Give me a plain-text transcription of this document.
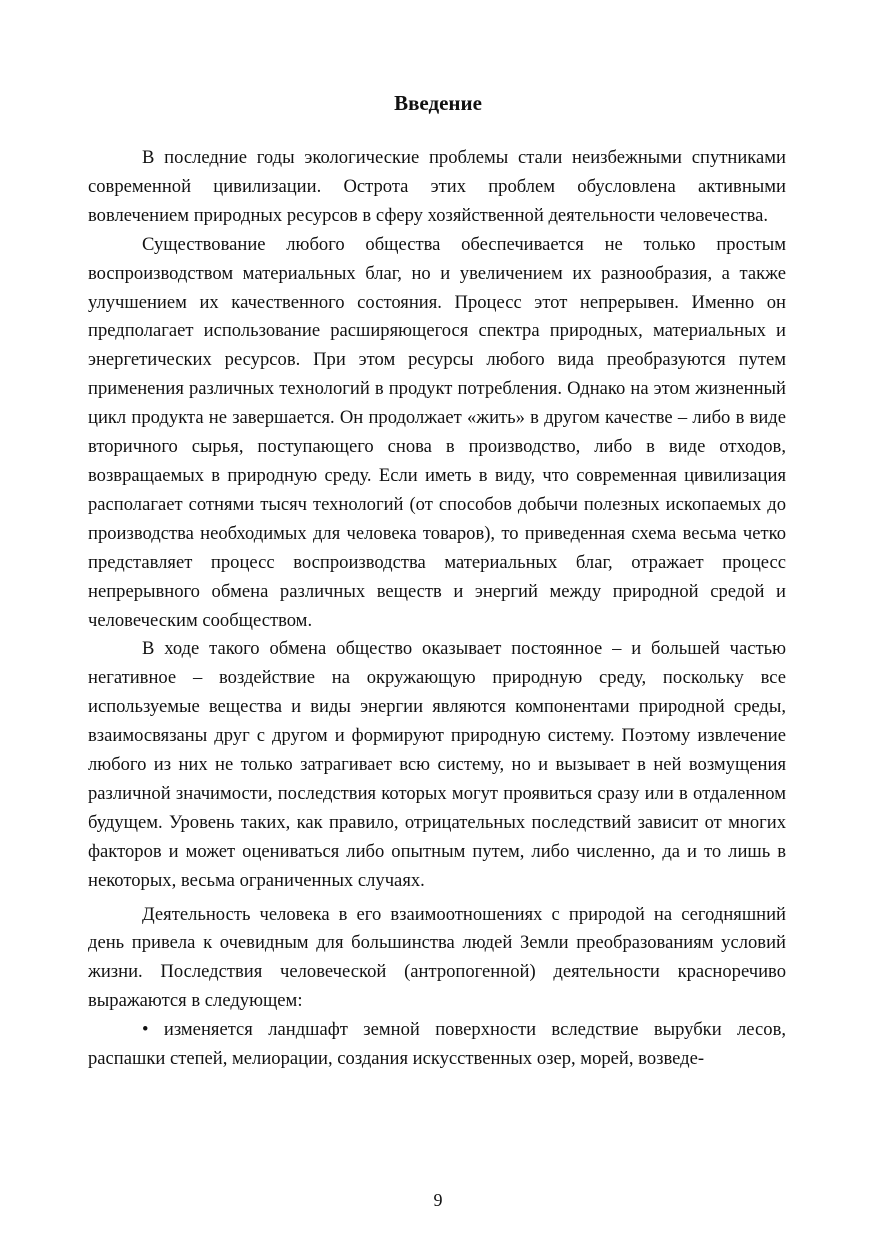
Введение

В последние годы экологические проблемы стали неизбежными спутниками современной цивилизации. Острота этих проблем обусловлена активными вовлечением природных ресурсов в сферу хозяйственной деятельности человечества.

Существование любого общества обеспечивается не только простым воспроизводством материальных благ, но и увеличением их разнообразия, а также улучшением их качественного состояния. Процесс этот непрерывен. Именно он предполагает использование расширяющегося спектра природных, материальных и энергетических ресурсов. При этом ресурсы любого вида преобразуются путем применения различных технологий в продукт потребления. Однако на этом жизненный цикл продукта не завершается. Он продолжает «жить» в другом качестве – либо в виде вторичного сырья, поступающего снова в производство, либо в виде отходов, возвращаемых в природную среду. Если иметь в виду, что современная цивилизация располагает сотнями тысяч технологий (от способов добычи полезных ископаемых до производства необходимых для человека товаров), то приведенная схема весьма четко представляет процесс воспроизводства материальных благ, отражает процесс непрерывного обмена различных веществ и энергий между природной средой и человеческим сообществом.

В ходе такого обмена общество оказывает постоянное – и большей частью негативное – воздействие на окружающую природную среду, поскольку все используемые вещества и виды энергии являются компонентами природной среды, взаимосвязаны друг с другом и формируют природную систему. Поэтому извлечение любого из них не только затрагивает всю систему, но и вызывает в ней возмущения различной значимости, последствия которых могут проявиться сразу или в отдаленном будущем. Уровень таких, как правило, отрицательных последствий зависит от многих факторов и может оцениваться либо опытным путем, либо численно, да и то лишь в некоторых, весьма ограниченных случаях.

Деятельность человека в его взаимоотношениях с природой на сегодняшний день привела к очевидным для большинства людей Земли преобразованиям условий жизни. Последствия человеческой (антропогенной) деятельности красноречиво выражаются в следующем:

• изменяется ландшафт земной поверхности вследствие вырубки лесов, распашки степей, мелиорации, создания искусственных озер, морей, возведе-

9
